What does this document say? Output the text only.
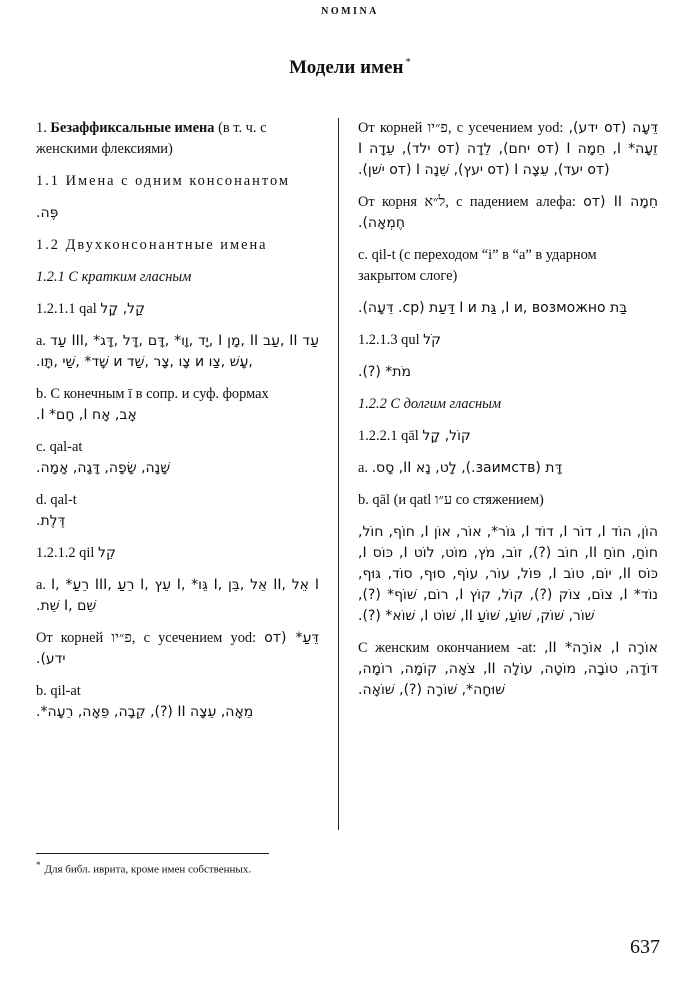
NOMINA
Модели имен *

1. Безаффиксальные имена (в т. ч. с женскими флексиями)

1.1 Имена с одним консонантом

פֶּה.

1.2 Двухконсонантные имена

1.2.1 С кратким гласным

1.2.1.1 qal קַל, קָל

a. עַד II ,עַב II ,מָן I ,יָד ,וָו* ,דָּם ,דָּל ,דָּג* ,III עַד ,עָשׁ ,צַו и צָו ,צָר ,שַׁד и שָׁד* ,שַׁי ,תָּו.

b. С конечным ī в сопр. и суф. формах
אָב, אָח I, חָם* I.

c. qal-at
שָׁנָה, שָׂפָה, דָּגָה, אָמָה.

d. qal-t
דֶּלֶת.

1.2.1.2 qil קֵל

a. I אֵל ,II אֵל ,בֵּן ,I גֵּו* ,I עֵץ ,I רֵעַ ,III רֵעַ* ,I שֵׁם ,I שֵׁת.

От корней פ״יו, с усечением yod: דֵּעַ* (от ידע).

b. qil-at
מֵאָה, עֵצָה II (?), קֵבָה, פֵּאָה, רֵעָה*.

От корней פ״יו, с усечением yod: דֵּעָה (от ידע), זֵעָה* I, חֵמָה I (от יחם), לֵדָה (от ילד), עֵדָה I (от יעד), עֵצָה I (от יעץ), שֵׁנָה I (от ישׁן).

От корня ל״א, с падением алефа: חֵמָה II (от חֶמְאָה).

c. qil-t (с переходом “i” в “a” в ударном закрытом слоге)

בַּת I и, возможно, גַּת I и דַּעַת (ср. דֵּעָה).

1.2.1.3 qul קֹל

מֹת* (?).

1.2.2 С долгим гласным

1.2.2.1 qāl קוֹל, קָל

a. דָּת (заимств.), לָט, נָא II, סָס.

b. qāl (и qatl ע״ו со стяжением)

הוֹן, הוֹד I, דוֹר I, דוֹד I, גּוֹר*, אוֹר, אוֹן I, חוֹף, חוֹל, חוֹחַ, חוֹחַ II, חוֹב (?), זוֹב, מֹץ, מוֹט, לוֹט I, כּוֹס I, כּוֹס II, יוֹם, טוֹב I, פּוֹל, עוֹר, עוֹף, סוּף, סוֹד, גּוּף, נוֹד* I, צוֹם, צוֹק (?), קוֹל, קוֹץ I, רוֹם, שׁוֹף* (?), שׁוֹר, שׁוֹק, שׁוֹעַ, שׁוֹעַ II, שׁוֹט I, שׁוֹא* (?).

С женским окончанием -at: אוֹרָה I, אוֹרָה* II, דּוֹדָה, טוֹבָה, מוֹטָה, עוֹלָה II, צֹאָה, קוֹמָה, רוֹמָה, שׁוּחָה*, שׁוֹרָה (?), שׁוֹאָה.

* Для библ. иврита, кроме имен собственных.
637
